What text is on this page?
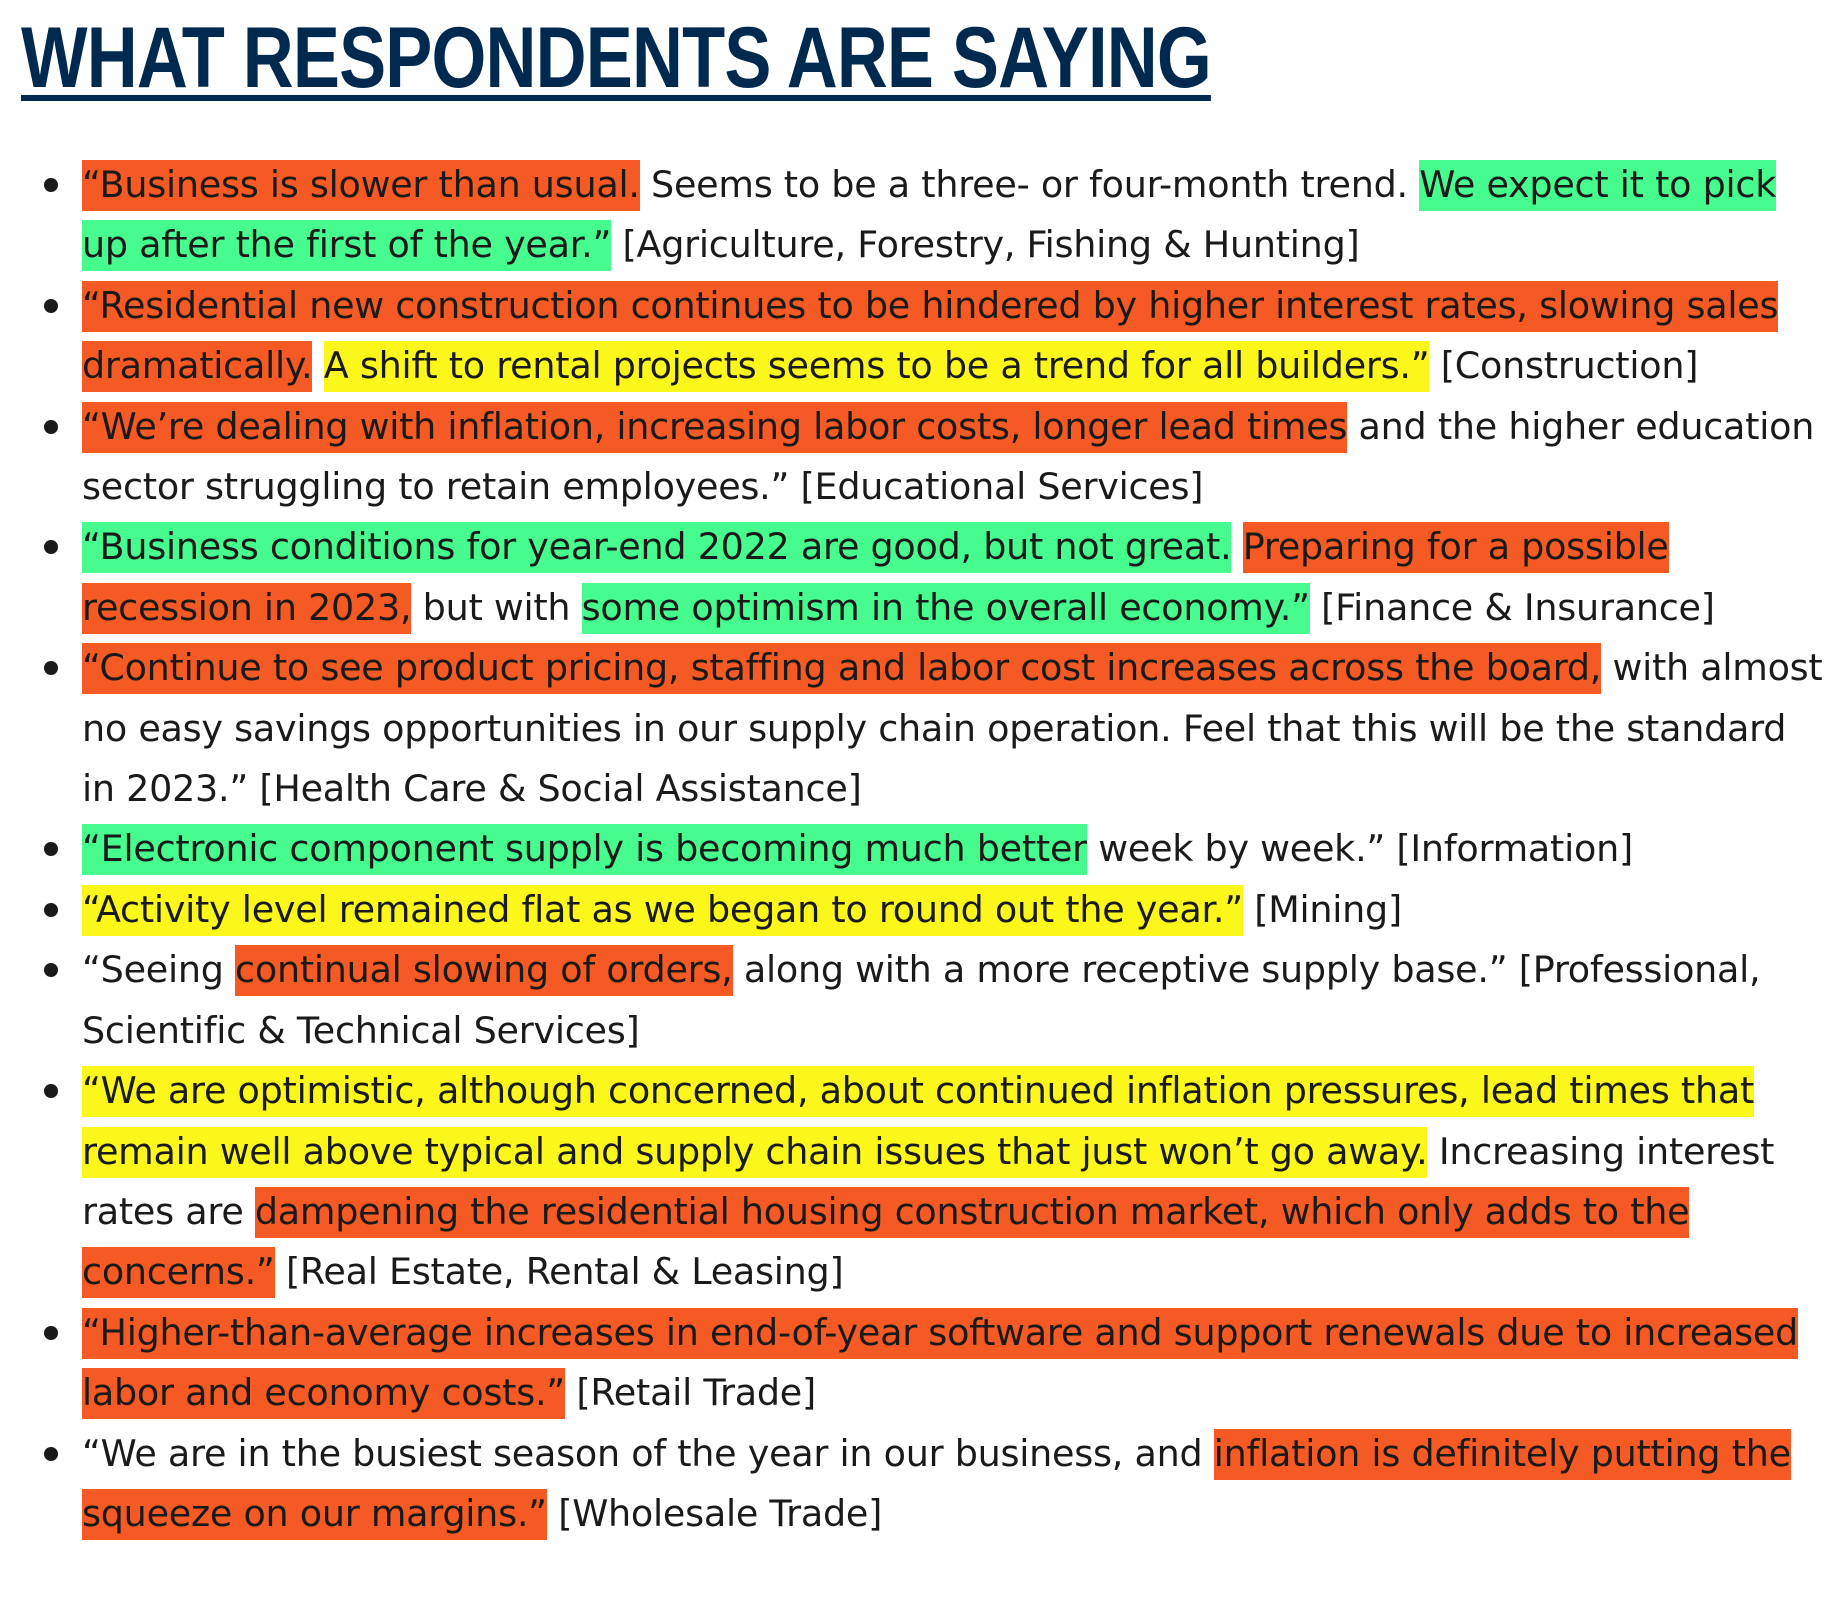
WHAT RESPONDENTS ARE SAYING
“Business is slower than usual. Seems to be a three- or four-month trend. We expect it to pick up after the first of the year.” [Agriculture, Forestry, Fishing & Hunting]
“Residential new construction continues to be hindered by higher interest rates, slowing sales dramatically. A shift to rental projects seems to be a trend for all builders.” [Construction]
“We’re dealing with inflation, increasing labor costs, longer lead times and the higher education sector struggling to retain employees.” [Educational Services]
“Business conditions for year-end 2022 are good, but not great. Preparing for a possible recession in 2023, but with some optimism in the overall economy.” [Finance & Insurance]
“Continue to see product pricing, staffing and labor cost increases across the board, with almost no easy savings opportunities in our supply chain operation. Feel that this will be the standard in 2023.” [Health Care & Social Assistance]
“Electronic component supply is becoming much better week by week.” [Information]
“Activity level remained flat as we began to round out the year.” [Mining]
“Seeing continual slowing of orders, along with a more receptive supply base.” [Professional, Scientific & Technical Services]
“We are optimistic, although concerned, about continued inflation pressures, lead times that remain well above typical and supply chain issues that just won’t go away. Increasing interest rates are dampening the residential housing construction market, which only adds to the concerns.” [Real Estate, Rental & Leasing]
“Higher-than-average increases in end-of-year software and support renewals due to increased labor and economy costs.” [Retail Trade]
“We are in the busiest season of the year in our business, and inflation is definitely putting the squeeze on our margins.” [Wholesale Trade]
